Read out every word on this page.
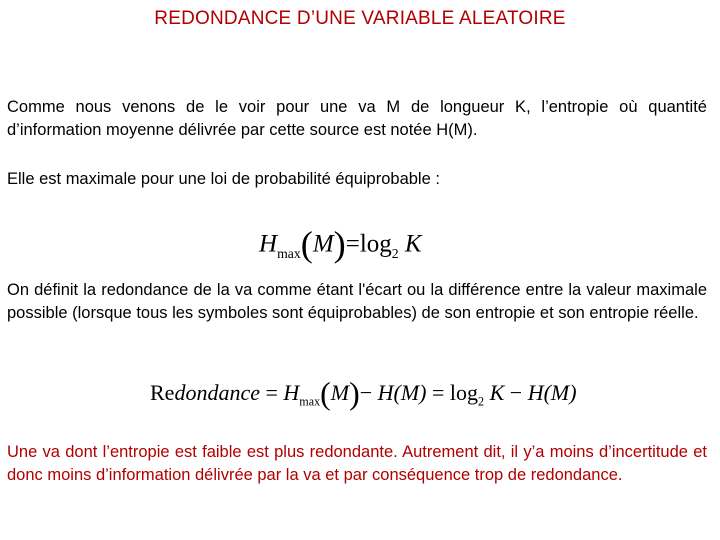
REDONDANCE D’UNE VARIABLE ALEATOIRE
Comme nous venons de le voir pour une va M de longueur K, l’entropie où quantité d’information moyenne délivrée par cette source est notée H(M).
Elle est maximale pour une loi de probabilité équiprobable :
$H_{max}(M)=\log_2$ K
On définit la redondance de la va comme étant l'écart ou la différence entre la valeur maximale possible (lorsque tous les symboles sont équiprobables) de son entropie et son entropie réelle.
Redondance = $H_{max}(M)- H(M) = \log_2 K - H(M)$
Une va dont l’entropie est faible est plus redondante. Autrement dit, il y’a moins d’incertitude et donc moins d’information délivrée par la va et par conséquence trop de redondance.
